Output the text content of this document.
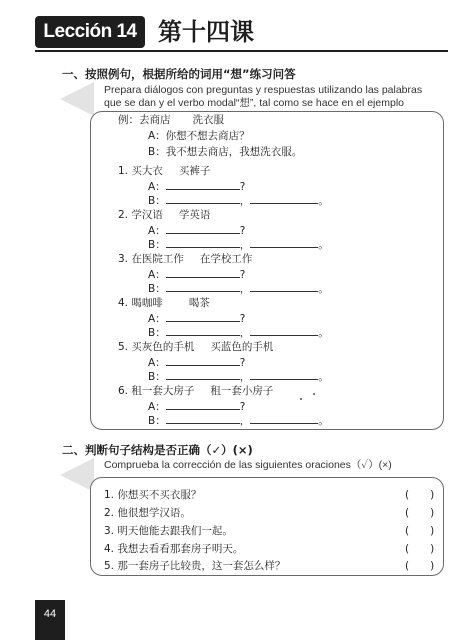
Lección 14 第十四课
一、按照例句，根据所给的词用“想”练习问答
Prepara diálogos con preguntas y respuestas utilizando las palabras
que se dan y el verbo modal“想”, tal como se hace en el ejemplo
例：去商店 洗衣服
A：你想不想去商店？
B：我不想去商店，我想洗衣服。
1. 买大衣 买裤子
A：	?
B：	，	。
2. 学汉语 学英语
A：	?
B：	，	。
3. 在医院工作 在学校工作
A：	?
B：	，	。
4. 喝咖啡 喝茶
A：	?
B：	，	。
5. 买灰色的手机 买蓝色的手机
A：	?
B：	，	。
6. 租一套大房子 租一套小房子
A：	?
B：	，	。
二、判断句子结构是否正确（✓）(×)
Comprueba la corrección de las siguientes oraciones（✓）(×)
1. 你想买不买衣服？	(　　)
2. 他很想学汉语。	(　　)
3. 明天他能去跟我们一起。	(　　)
4. 我想去看看那套房子明天。	(　　)
5. 那一套房子比较贵，这一套怎么样？	(　　)
44
